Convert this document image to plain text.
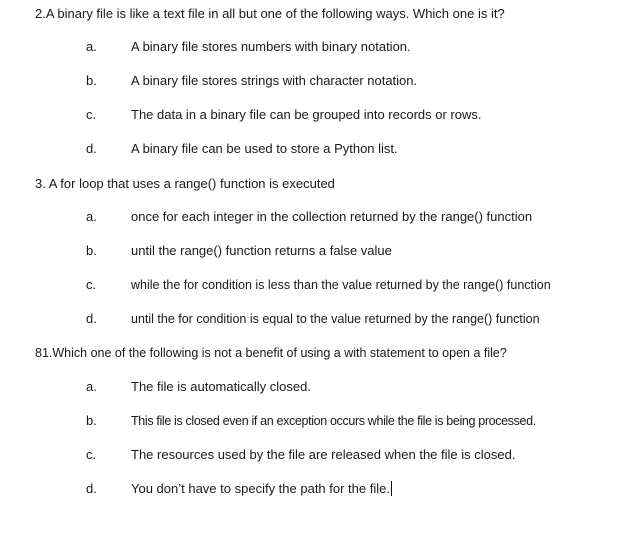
2.A binary file is like a text file in all but one of the following ways. Which one is it?
a.	A binary file stores numbers with binary notation.
b.	A binary file stores strings with character notation.
c.	The data in a binary file can be grouped into records or rows.
d.	A binary file can be used to store a Python list.
3. A for loop that uses a range() function is executed
a.	once for each integer in the collection returned by the range() function
b.	until the range() function returns a false value
c.	while the for condition is less than the value returned by the range() function
d.	until the for condition is equal to the value returned by the range() function
81.Which one of the following is not a benefit of using a with statement to open a file?
a.	The file is automatically closed.
b.	This file is closed even if an exception occurs while the file is being processed.
c.	The resources used by the file are released when the file is closed.
d.	You don’t have to specify the path for the file.
